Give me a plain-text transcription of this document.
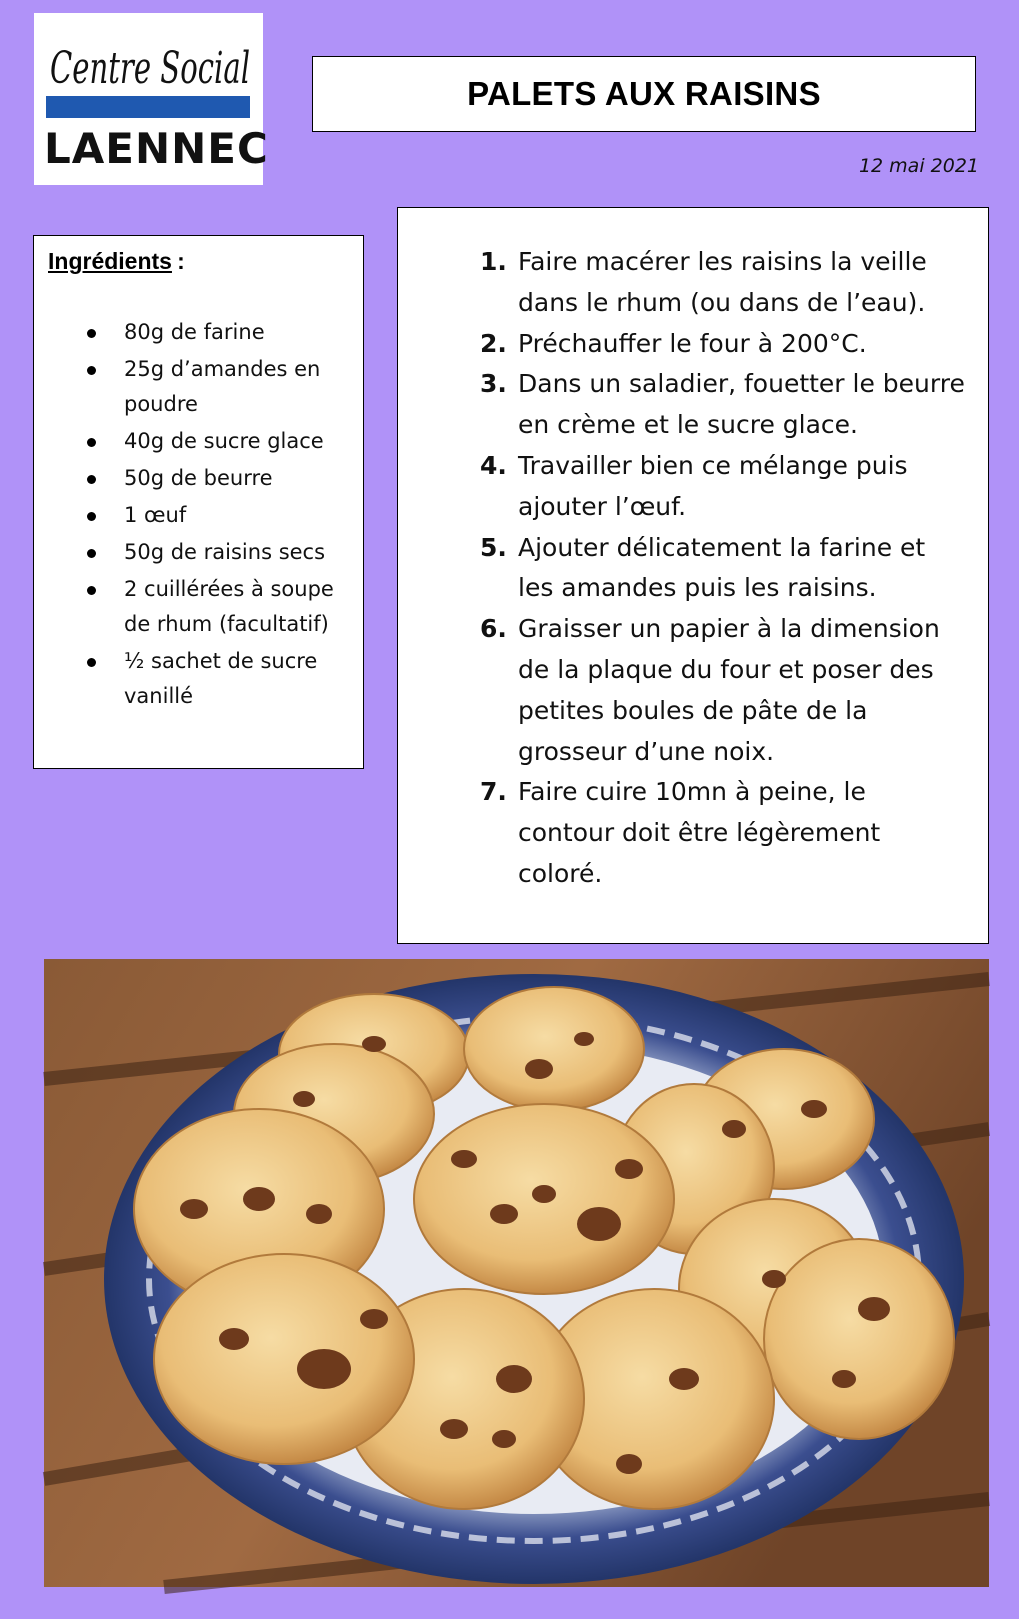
Centre Social
LAENNEC
PALETS AUX RAISINS
12 mai 2021
Ingrédients :
80g de farine
25g d’amandes en poudre
40g de sucre glace
50g de beurre
1 œuf
50g de raisins secs
2 cuillérées à soupe de rhum (facultatif)
½ sachet de sucre vanillé
1. Faire macérer les raisins la veille dans le rhum (ou dans de l’eau).
2. Préchauffer le four à 200°C.
3. Dans un saladier, fouetter le beurre en crème et le sucre glace.
4. Travailler bien ce mélange puis ajouter l’œuf.
5. Ajouter délicatement la farine et les amandes puis les raisins.
6. Graisser un papier à la dimension de la plaque du four et poser des petites boules de pâte de la grosseur d’une noix.
7. Faire cuire 10mn à peine, le contour doit être légèrement coloré.
